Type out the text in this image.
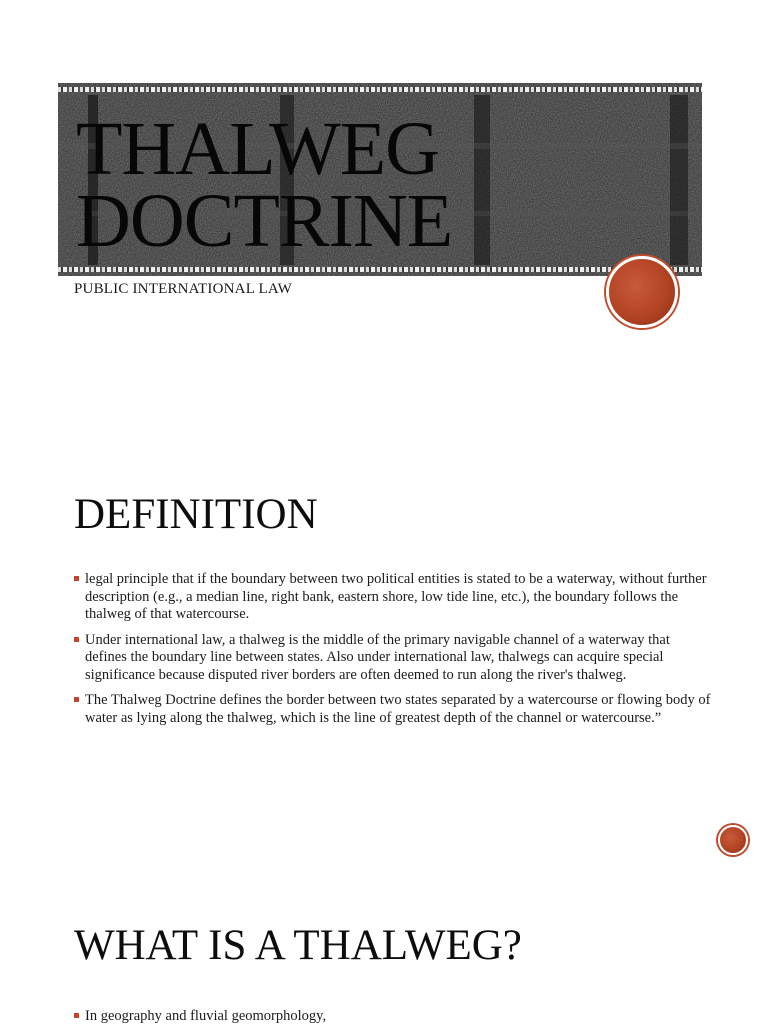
THALWEG
DOCTRINE
PUBLIC INTERNATIONAL LAW
DEFINITION
legal principle that if the boundary between two political entities is stated to be a waterway, without further description (e.g., a median line, right bank, eastern shore, low tide line, etc.), the boundary follows the thalweg of that watercourse.
Under international law, a thalweg is the middle of the primary navigable channel of a waterway that defines the boundary line between states. Also under international law, thalwegs can acquire special significance because disputed river borders are often deemed to run along the river's thalweg.
The Thalweg Doctrine defines the border between two states separated by a watercourse or flowing body of water as lying along the thalweg, which is the line of greatest depth of the channel or watercourse.”
WHAT IS A THALWEG?
In geography and fluvial geomorphology,
